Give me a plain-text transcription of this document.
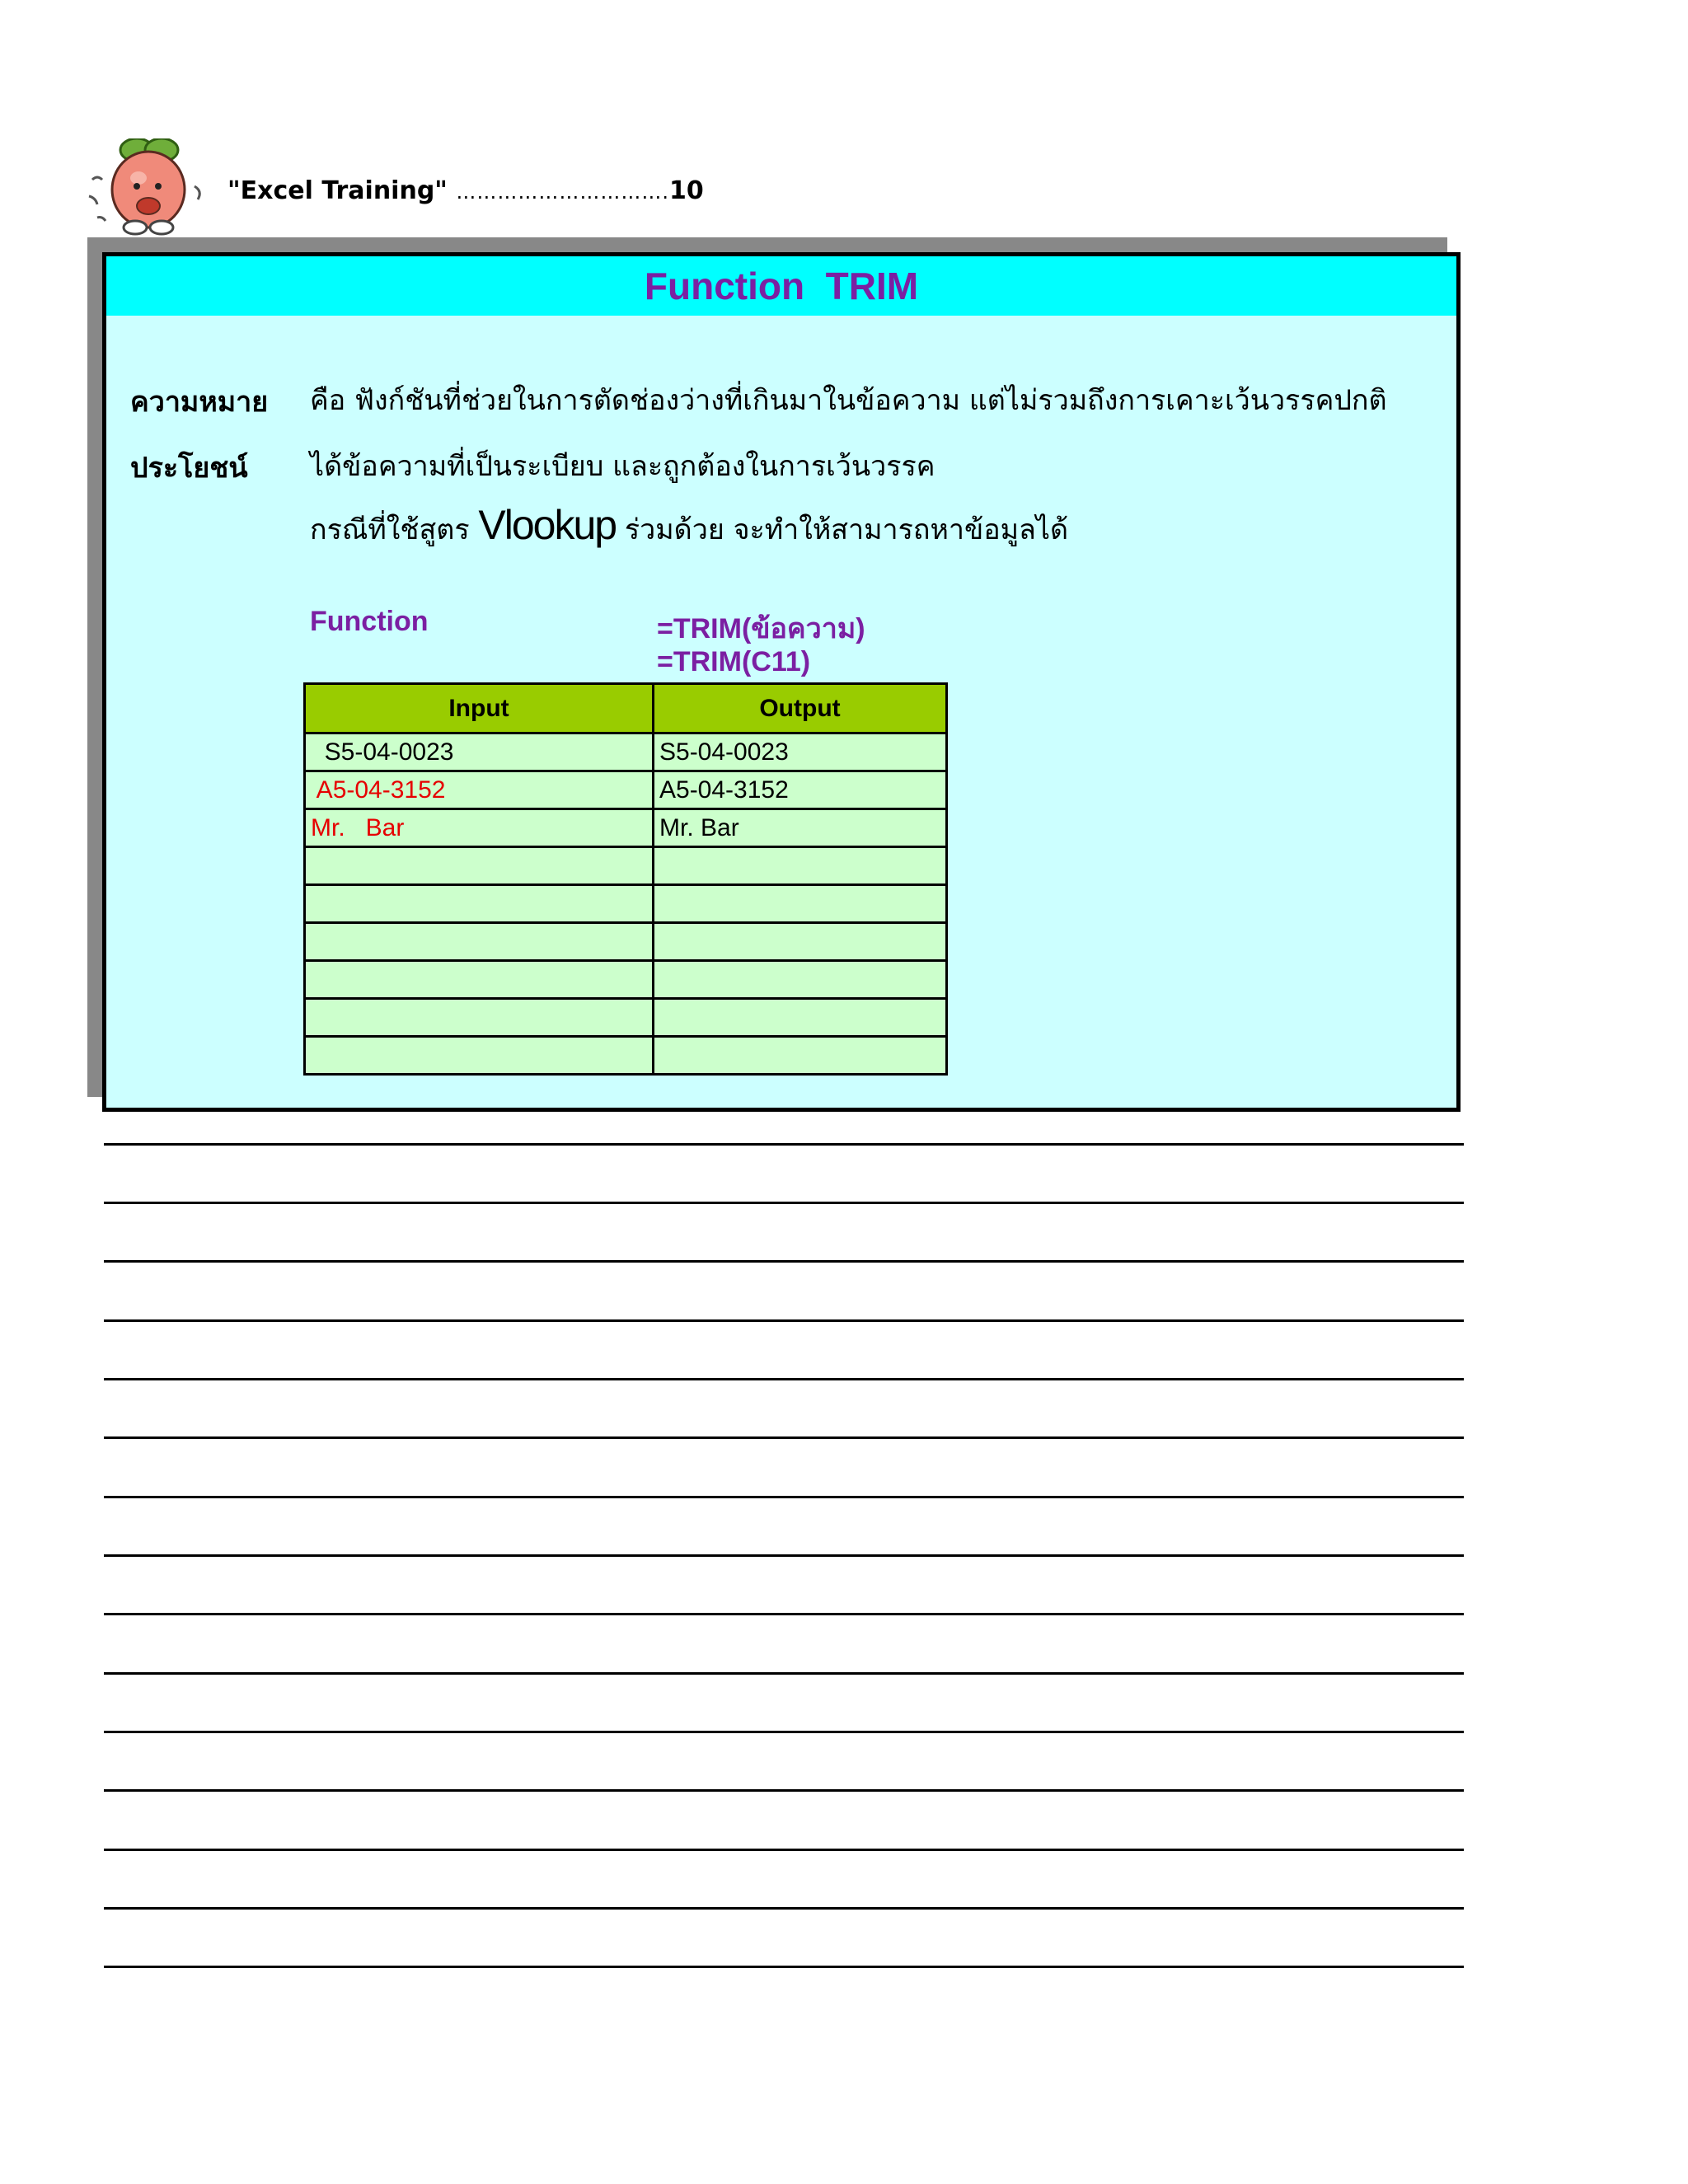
"Excel Training" ………………………….10
Function  TRIM
ความหมาย คือ ฟังก์ชันที่ช่วยในการตัดช่องว่างที่เกินมาในข้อความ แต่ไม่รวมถึงการเคาะเว้นวรรคปกติ
ประโยชน์ ได้ข้อความที่เป็นระเบียบ และถูกต้องในการเว้นวรรค
กรณีที่ใช้สูตร Vlookup ร่วมด้วย จะทำให้สามารถหาข้อมูลได้
Function	=TRIM(ข้อความ)
=TRIM(C11)
Input	Output
S5-04-0023	S5-04-0023
A5-04-3152	A5-04-3152
Mr.   Bar	Mr. Bar
